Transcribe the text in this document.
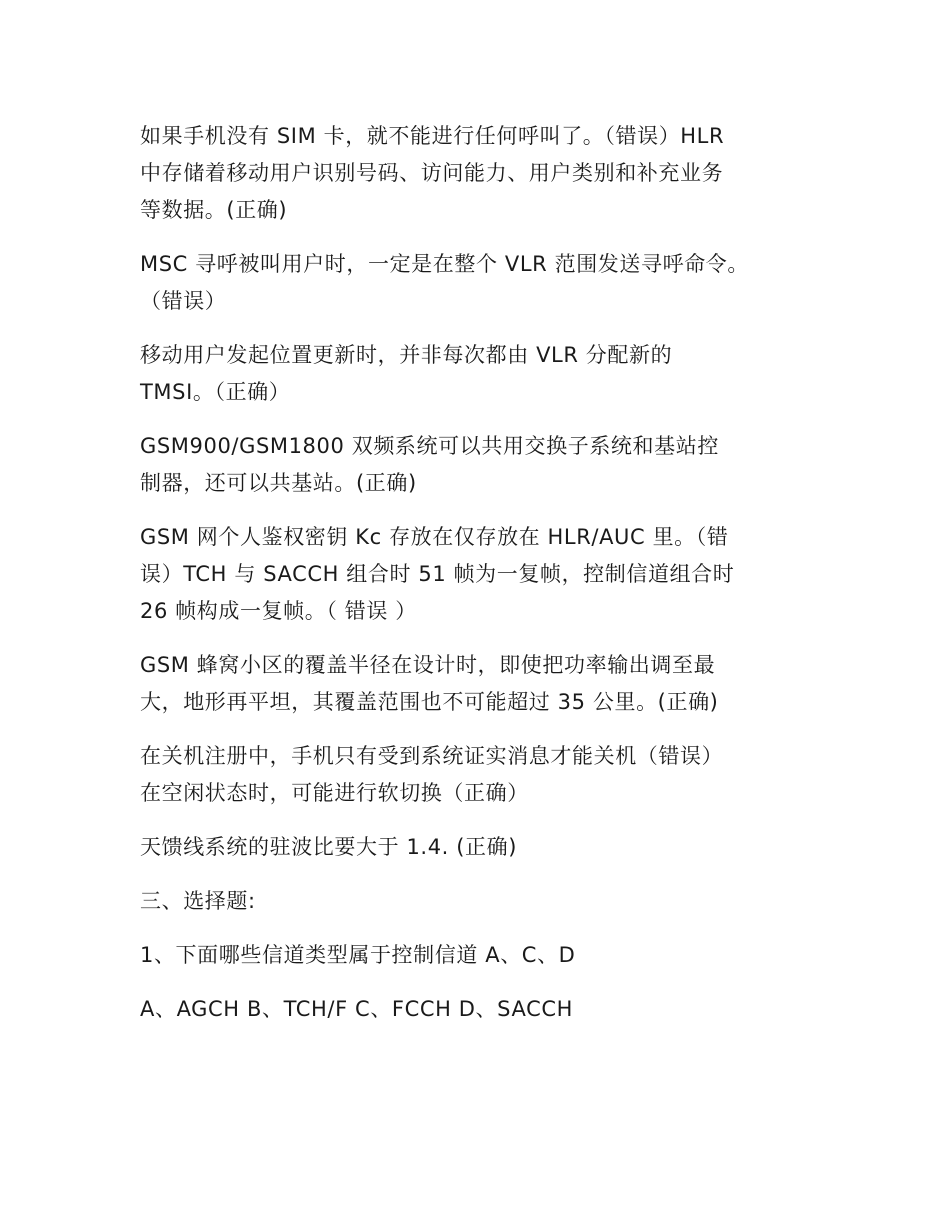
如果手机没有 SIM 卡，就不能进行任何呼叫了。（错误）HLR
中存储着移动用户识别号码、访问能力、用户类别和补充业务
等数据。(正确)

MSC 寻呼被叫用户时，一定是在整个 VLR 范围发送寻呼命令。
（错误）

移动用户发起位置更新时，并非每次都由 VLR 分配新的
TMSI。（正确）

GSM900/GSM1800 双频系统可以共用交换子系统和基站控
制器，还可以共基站。(正确)

GSM 网个人鉴权密钥 Kc 存放在仅存放在 HLR/AUC 里。（错
误）TCH 与 SACCH 组合时 51 帧为一复帧，控制信道组合时
26 帧构成一复帧。（ 错误 ）

GSM 蜂窝小区的覆盖半径在设计时，即使把功率输出调至最
大，地形再平坦，其覆盖范围也不可能超过 35 公里。(正确)

在关机注册中，手机只有受到系统证实消息才能关机（错误）
在空闲状态时，可能进行软切换（正确）

天馈线系统的驻波比要大于 1.4. (正确)

三、选择题:

1、下面哪些信道类型属于控制信道 A、C、D

A、AGCH B、TCH/F C、FCCH D、SACCH
